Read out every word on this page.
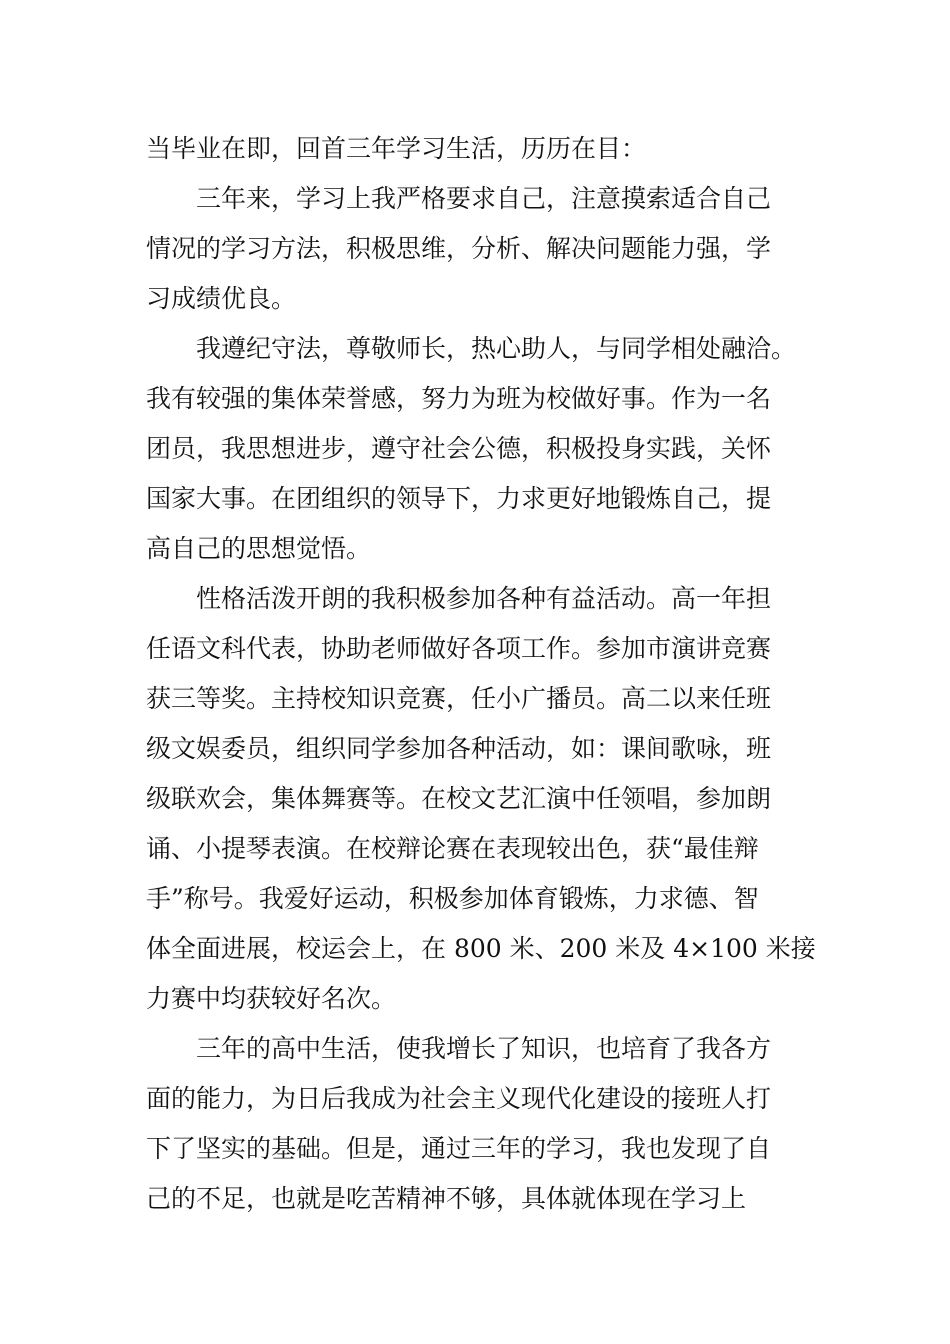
当毕业在即，回首三年学习生活，历历在目：

　　三年来，学习上我严格要求自己，注意摸索适合自己

情况的学习方法，积极思维，分析、解决问题能力强，学

习成绩优良。

　　我遵纪守法，尊敬师长，热心助人，与同学相处融洽。

我有较强的集体荣誉感，努力为班为校做好事。作为一名

团员，我思想进步，遵守社会公德，积极投身实践，关怀

国家大事。在团组织的领导下，力求更好地锻炼自己，提

高自己的思想觉悟。

　　性格活泼开朗的我积极参加各种有益活动。高一年担

任语文科代表，协助老师做好各项工作。参加市演讲竞赛

获三等奖。主持校知识竞赛，任小广播员。高二以来任班

级文娱委员，组织同学参加各种活动，如：课间歌咏，班

级联欢会，集体舞赛等。在校文艺汇演中任领唱，参加朗

诵、小提琴表演。在校辩论赛在表现较出色，获“最佳辩

手”称号。我爱好运动，积极参加体育锻炼，力求德、智

体全面进展，校运会上，在 800 米、200 米及 4×100 米接

力赛中均获较好名次。

　　三年的高中生活，使我增长了知识，也培育了我各方

面的能力，为日后我成为社会主义现代化建设的接班人打

下了坚实的基础。但是，通过三年的学习，我也发现了自

己的不足，也就是吃苦精神不够，具体就体现在学习上
